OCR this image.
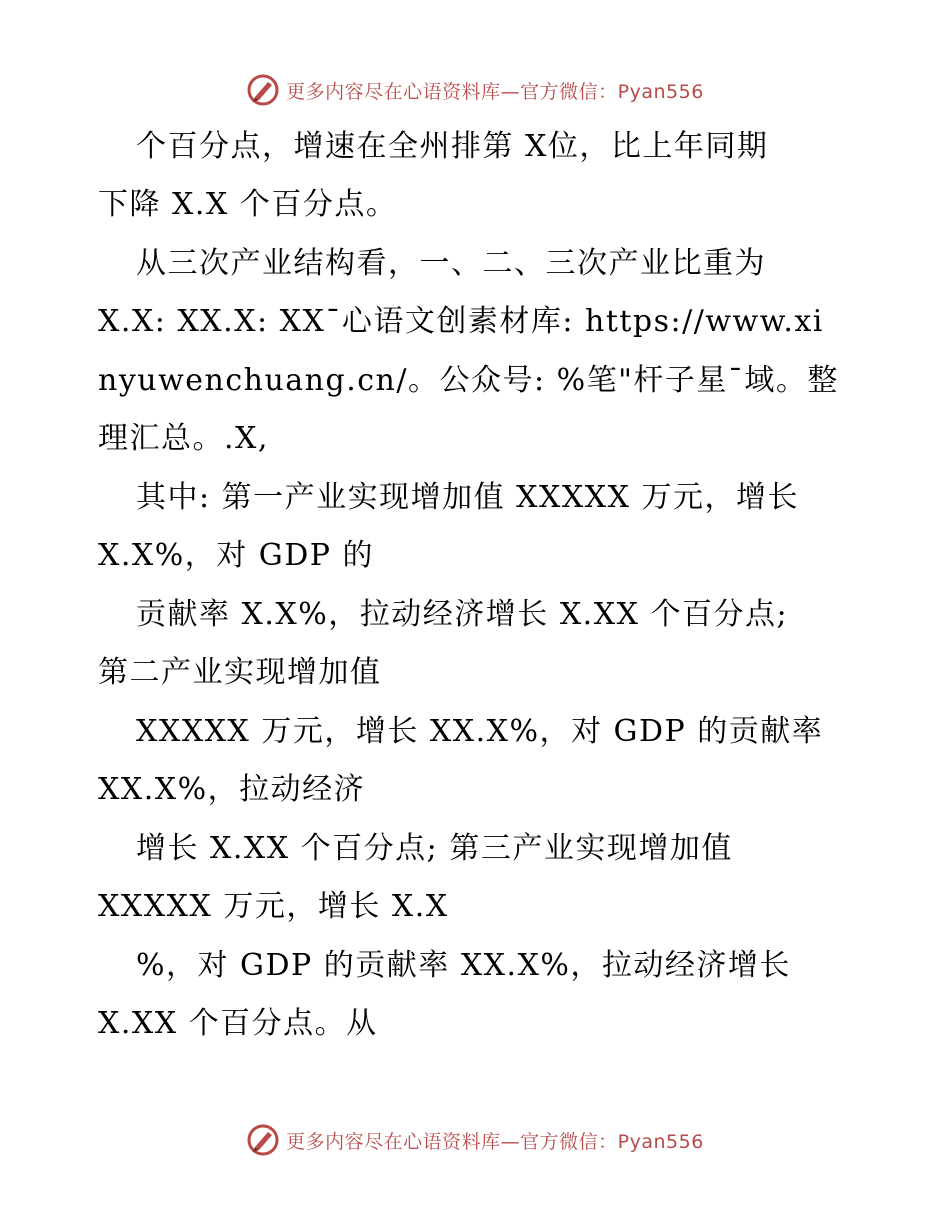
更多内容尽在心语资料库—官方微信：Pyan556
个百分点，增速在全州排第 X位，比上年同期
下降 X.X 个百分点。
从三次产业结构看，一、二、三次产业比重为
X.X: XX.X: XX¯心语文创素材库: https://www.xi
nyuwenchuang.cn/。公众号: %笔"杆子星¯域。整
理汇总。.X,
其中: 第一产业实现增加值 XXXXX 万元，增长
X.X%，对 GDP 的
贡献率 X.X%，拉动经济增长 X.XX 个百分点;
第二产业实现增加值
XXXXX 万元，增长 XX.X%，对 GDP 的贡献率
XX.X%，拉动经济
增长 X.XX 个百分点; 第三产业实现增加值
XXXXX 万元，增长 X.X
%，对 GDP 的贡献率 XX.X%，拉动经济增长
X.XX 个百分点。从
更多内容尽在心语资料库—官方微信：Pyan556
